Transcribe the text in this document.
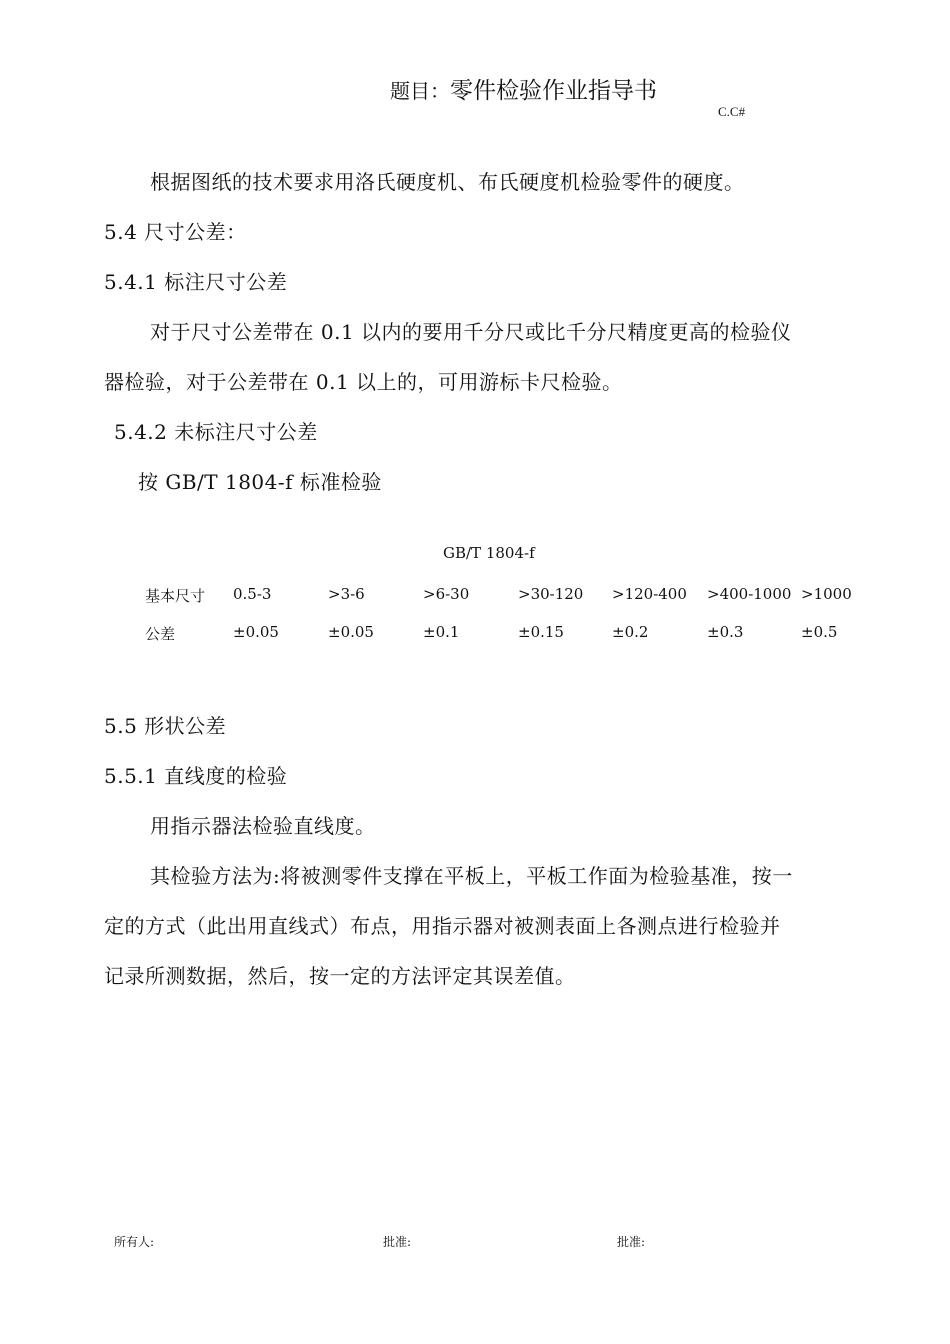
题目：零件检验作业指导书
C.C#
根据图纸的技术要求用洛氏硬度机、布氏硬度机检验零件的硬度。
5.4 尺寸公差：
5.4.1 标注尺寸公差
对于尺寸公差带在 0.1 以内的要用千分尺或比千分尺精度更高的检验仪
器检验，对于公差带在 0.1 以上的，可用游标卡尺检验。
5.4.2 未标注尺寸公差
按 GB/T 1804-f 标准检验
GB/T 1804-f
基本尺寸 0.5-3	>3-6	>6-30	>30-120 >120-400 >400-1000 >1000
公差	±0.05	±0.05	±0.1	±0.15	±0.2	±0.3	±0.5
5.5 形状公差
5.5.1 直线度的检验
用指示器法检验直线度。
其检验方法为:将被测零件支撑在平板上，平板工作面为检验基准，按一
定的方式（此出用直线式）布点，用指示器对被测表面上各测点进行检验并
记录所测数据，然后，按一定的方法评定其误差值。
所有人:	批准:	批准:
